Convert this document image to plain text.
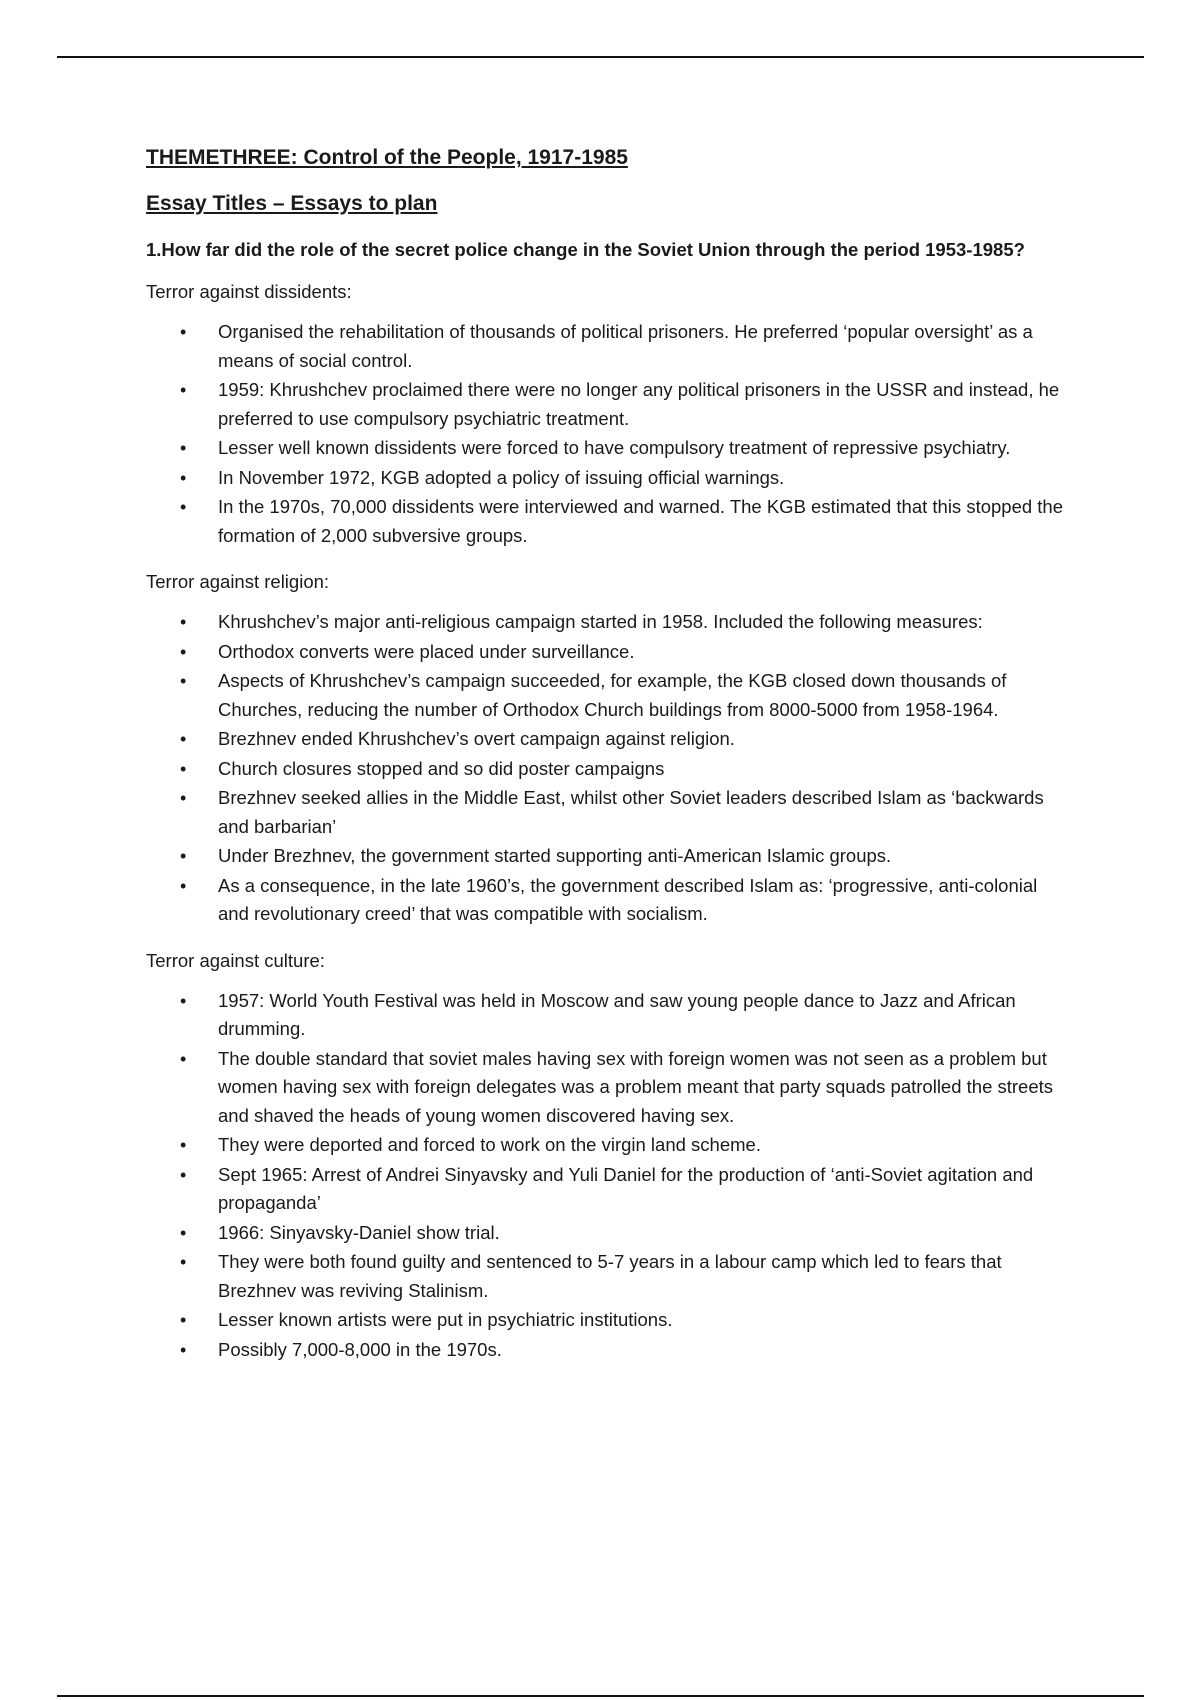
THEMETHREE: Control of the People, 1917-1985
Essay Titles – Essays to plan
1.How far did the role of the secret police change in the Soviet Union through the period 1953-1985?
Terror against dissidents:
• Organised the rehabilitation of thousands of political prisoners. He preferred ‘popular oversight’ as a means of social control.
• 1959: Khrushchev proclaimed there were no longer any political prisoners in the USSR and instead, he preferred to use compulsory psychiatric treatment.
• Lesser well known dissidents were forced to have compulsory treatment of repressive psychiatry.
• In November 1972, KGB adopted a policy of issuing official warnings.
• In the 1970s, 70,000 dissidents were interviewed and warned. The KGB estimated that this stopped the formation of 2,000 subversive groups.
Terror against religion:
• Khrushchev’s major anti-religious campaign started in 1958. Included the following measures:
• Orthodox converts were placed under surveillance.
• Aspects of Khrushchev’s campaign succeeded, for example, the KGB closed down thousands of Churches, reducing the number of Orthodox Church buildings from 8000-5000 from 1958-1964.
• Brezhnev ended Khrushchev’s overt campaign against religion.
• Church closures stopped and so did poster campaigns
• Brezhnev seeked allies in the Middle East, whilst other Soviet leaders described Islam as ‘backwards and barbarian’
• Under Brezhnev, the government started supporting anti-American Islamic groups.
• As a consequence, in the late 1960’s, the government described Islam as: ‘progressive, anti-colonial and revolutionary creed’ that was compatible with socialism.
Terror against culture:
• 1957: World Youth Festival was held in Moscow and saw young people dance to Jazz and African drumming.
• The double standard that soviet males having sex with foreign women was not seen as a problem but women having sex with foreign delegates was a problem meant that party squads patrolled the streets and shaved the heads of young women discovered having sex.
• They were deported and forced to work on the virgin land scheme.
• Sept 1965: Arrest of Andrei Sinyavsky and Yuli Daniel for the production of ‘anti-Soviet agitation and propaganda’
• 1966: Sinyavsky-Daniel show trial.
• They were both found guilty and sentenced to 5-7 years in a labour camp which led to fears that Brezhnev was reviving Stalinism.
• Lesser known artists were put in psychiatric institutions.
• Possibly 7,000-8,000 in the 1970s.
